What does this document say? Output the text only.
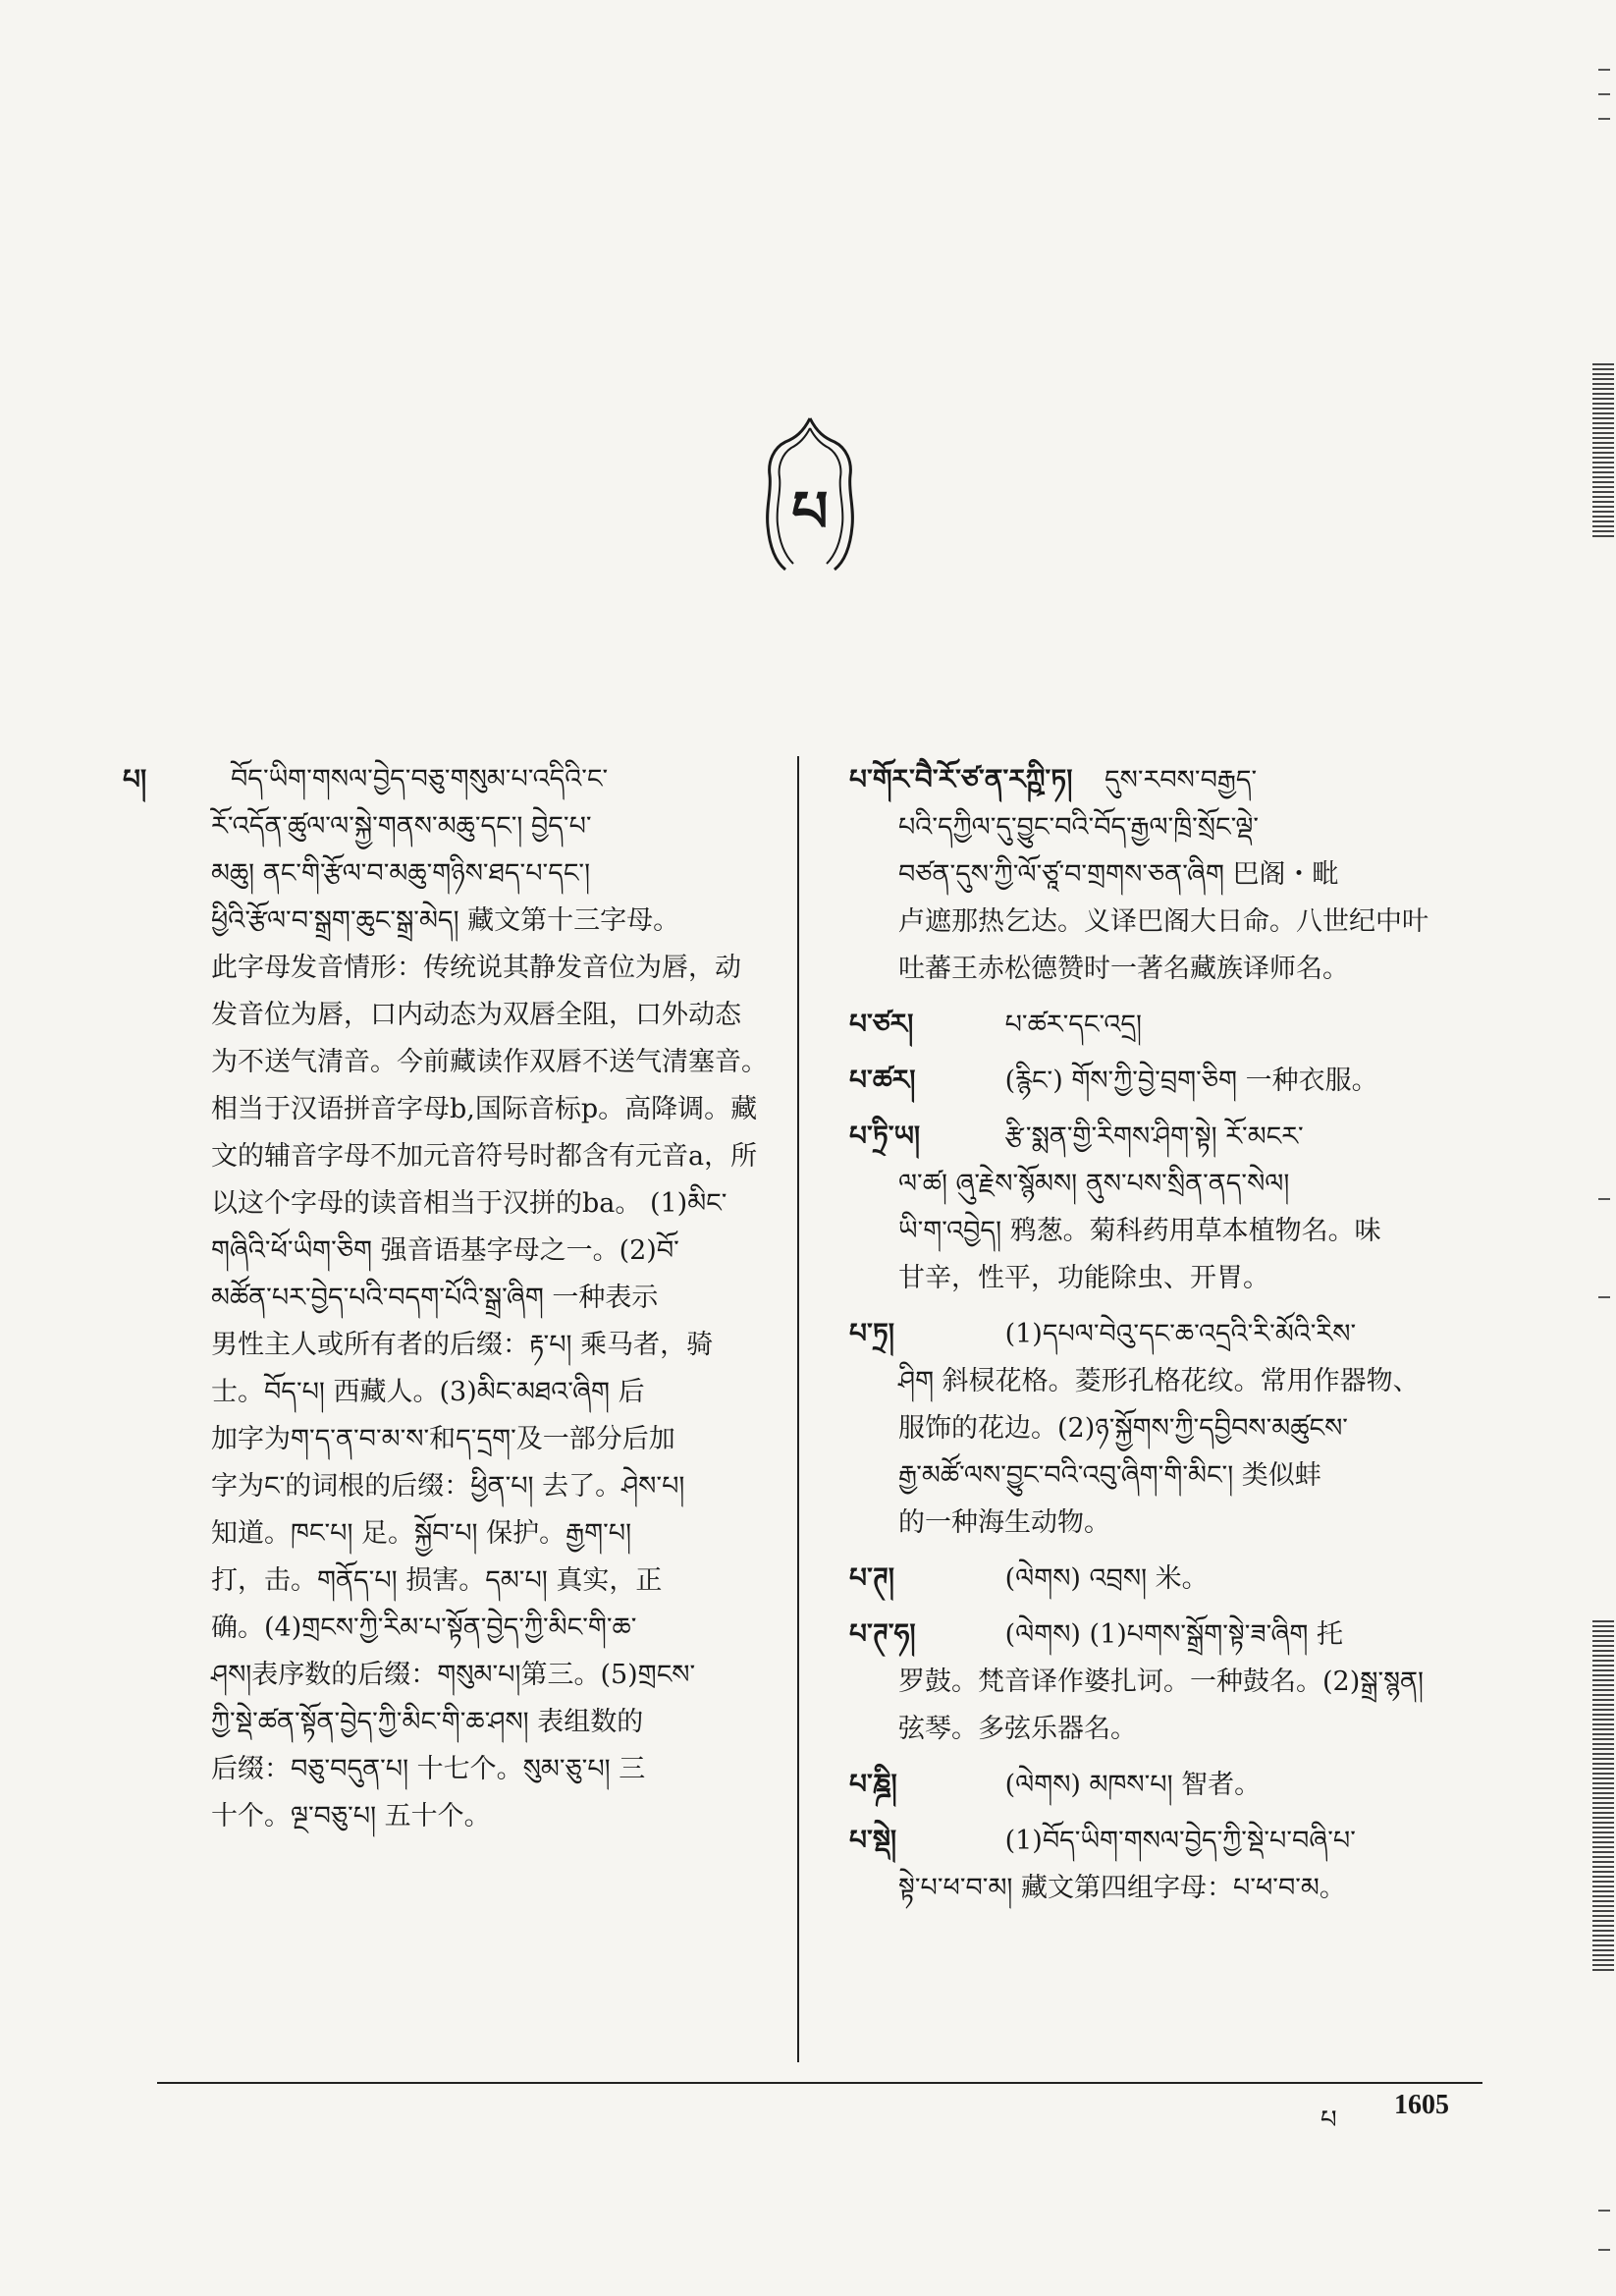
པ
པ།	བོད་ཡིག་གསལ་བྱེད་བཅུ་གསུམ་པ་འདིའི་ང་

རོ་འདོན་ཚུལ་ལ་སྐྱེ་གནས་མཆུ་དང་། བྱེད་པ་

མཆུ། ནང་གི་རྩོལ་བ་མཆུ་གཉིས་ཐད་པ་དང་།

ཕྱིའི་རྩོལ་བ་སྒྲག་ཆུང་སྒྲ་མེད། 藏文第十三字母。

此字母发音情形：传统说其静发音位为唇，动

发音位为唇，口内动态为双唇全阻，口外动态

为不送气清音。今前藏读作双唇不送气清塞音。

相当于汉语拼音字母b,国际音标p。高降调。藏

文的辅音字母不加元音符号时都含有元音a，所

以这个字母的读音相当于汉拼的ba。 (1)མིང་

གཞིའི་ཕོ་ཡིག་ཅིག 强音语基字母之一。(2)བོ་

མཚོན་པར་བྱེད་པའི་བདག་པོའི་སྒྲ་ཞིག 一种表示

男性主人或所有者的后缀：རྟ་པ། 乘马者，骑

士。བོད་པ། 西藏人。(3)མིང་མཐའ་ཞིག 后

加字为ག་ད་ན་བ་མ་ས་和ད་དྲག་及一部分后加

字为ང་的词根的后缀：ཕྱིན་པ། 去了。ཤེས་པ།

知道。ཁང་པ། 足。སྐྱོབ་པ། 保护。རྒྱག་པ།

打，击。གནོད་པ། 损害。དམ་པ། 真实，正

确。(4)གྲངས་ཀྱི་རིམ་པ་སྟོན་བྱེད་ཀྱི་མིང་གི་ཆ་

ཤས།表序数的后缀：གསུམ་པ།第三。(5)གྲངས་

ཀྱི་སྡེ་ཚན་སྟོན་བྱེད་ཀྱི་མིང་གི་ཆ་ཤས། 表组数的

后缀：བཅུ་བདུན་པ། 十七个。སུམ་ཅུ་པ། 三

十个。ལྔ་བཅུ་པ། 五十个。

པ་གོར་བཻ་རོ་ཙ་ན་རཀྵི་ཏ། དུས་རབས་བརྒྱད་

པའི་དཀྱིལ་དུ་བྱུང་བའི་བོད་རྒྱལ་ཁྲི་སྲོང་ལྡེ་

བཙན་དུས་ཀྱི་ལོ་ཙཱ་བ་གྲགས་ཅན་ཞིག 巴阁・毗

卢遮那热乞达。义译巴阁大日命。八世纪中叶

吐蕃王赤松德赞时一著名藏族译师名。

པ་ཙར།	པ་ཚར་དང་འདྲ།
པ་ཚར།	(རྙིང་) གོས་ཀྱི་བྱེ་བྲག་ཅིག 一种衣服。
པ་ཏྲི་ཡ།	རྩི་སྨན་གྱི་རིགས་ཤིག་སྟེ། རོ་མངར་

ལ་ཚ། ཞུ་རྗེས་སྙོམས། ནུས་པས་སྲིན་ནད་སེལ།

ཡི་ག་འབྱེད། 鸦葱。菊科药用草本植物名。味

甘辛，性平，功能除虫、开胃。

པ་ཏྲ།	(1)དཔལ་བེའུ་དང་ཆ་འདྲའི་རི་མོའི་རིས་

ཤིག 斜棂花格。菱形孔格花纹。常用作器物、

服饰的花边。(2)ཉ་སྐྱོགས་ཀྱི་དབྱིབས་མཚུངས་

རྒྱ་མཚོ་ལས་བྱུང་བའི་འབུ་ཞིག་གི་མིང་། 类似蚌

的一种海生动物。

པ་ཊ།	(ལེགས) འབྲས། 米。
པ་ཊ་ཧ།	(ལེགས) (1)པགས་སྒྲོག་སྟེ་ཟ་ཞིག 托

罗鼓。梵音译作婆扎诃。一种鼓名。(2)སྒྲ་སྙན།

弦琴。多弦乐器名。

པ་ཎྜི།	(ལེགས) མཁས་པ། 智者。
པ་སྡེ།	(1)བོད་ཡིག་གསལ་བྱེད་ཀྱི་སྡེ་པ་བཞི་པ་

སྟེ་པ་ཕ་བ་མ། 藏文第四组字母：པ་ཕ་བ་མ。

པ 1605
